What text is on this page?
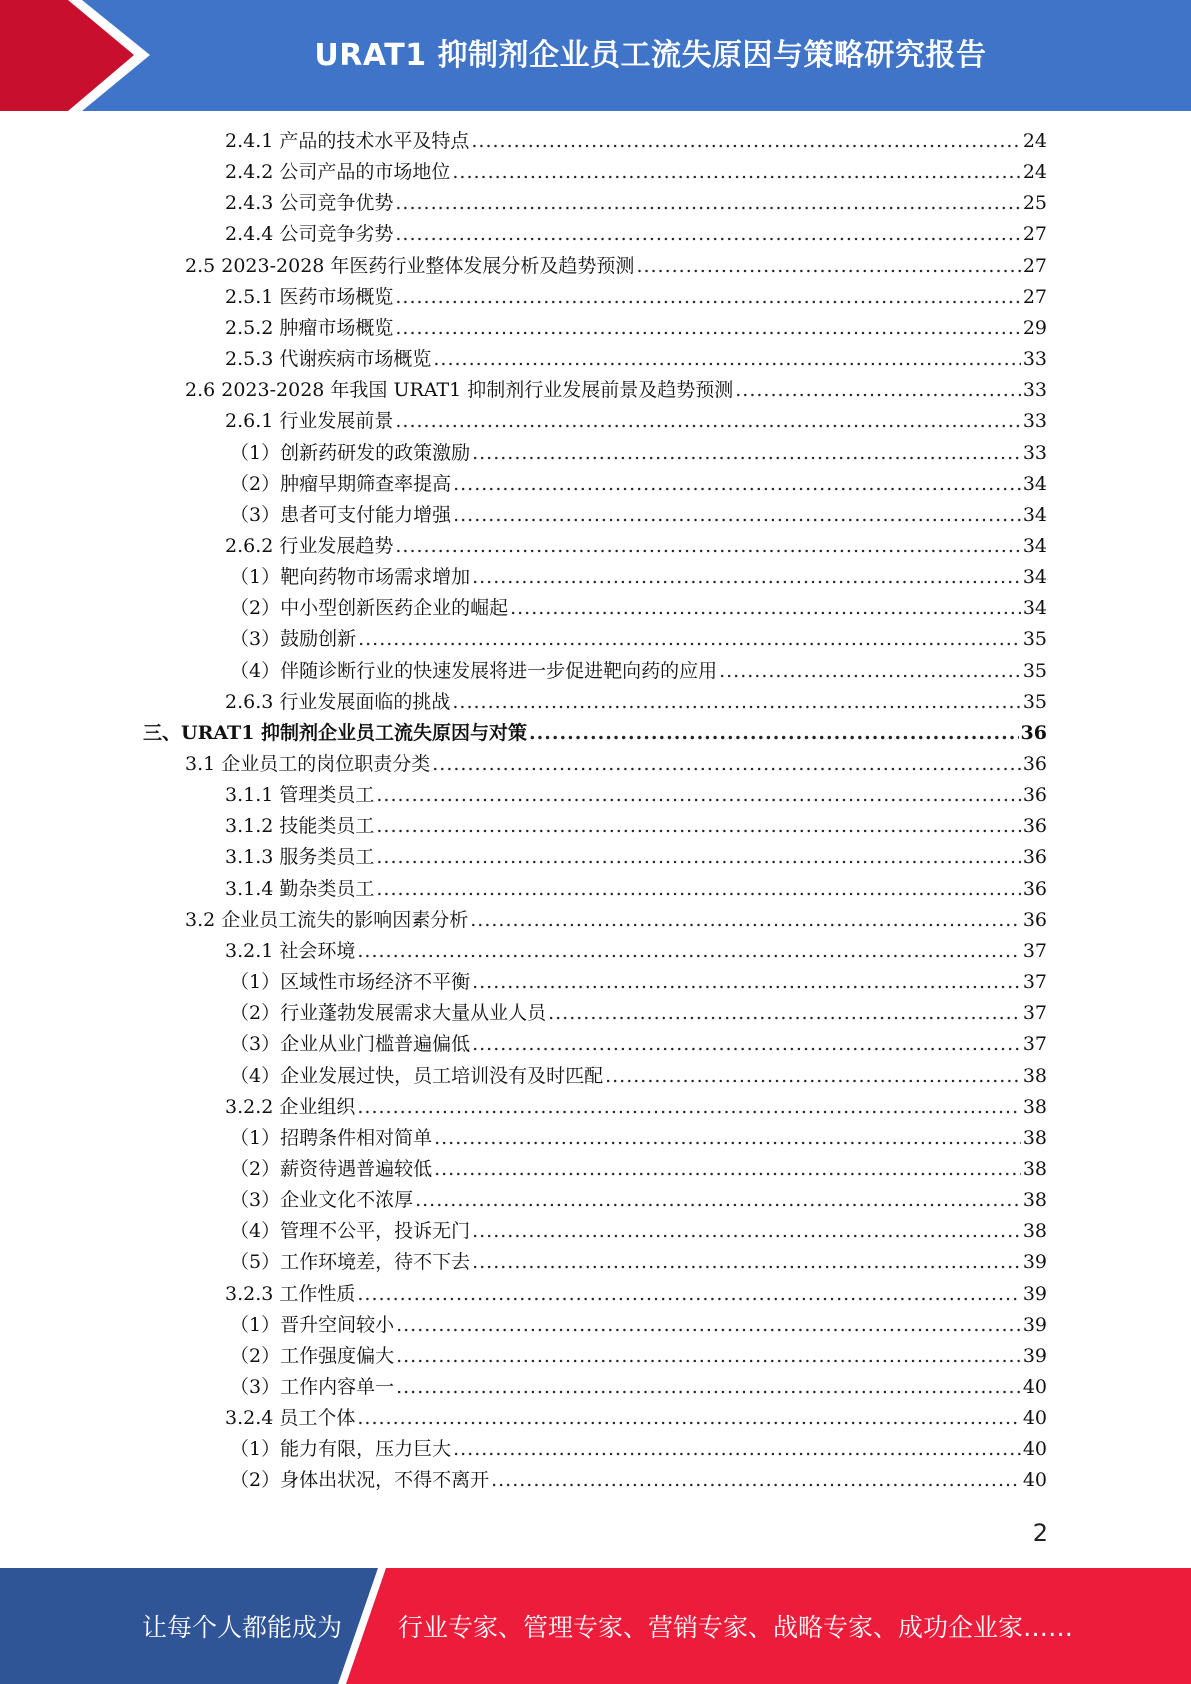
URAT1 抑制剂企业员工流失原因与策略研究报告
2.4.1 产品的技术水平及特点 .....	24
2.4.2 公司产品的市场地位 .....	24
2.4.3 公司竞争优势 .....	25
2.4.4 公司竞争劣势 .....	27
2.5 2023-2028 年医药行业整体发展分析及趋势预测 .....	27
2.5.1 医药市场概览 .....	27
2.5.2 肿瘤市场概览 .....	29
2.5.3 代谢疾病市场概览 .....	33
2.6 2023-2028 年我国 URAT1 抑制剂行业发展前景及趋势预测 .....	33
2.6.1 行业发展前景 .....	33
（1）创新药研发的政策激励 .....	33
（2）肿瘤早期筛查率提高 .....	34
（3）患者可支付能力增强 .....	34
2.6.2 行业发展趋势 .....	34
（1）靶向药物市场需求增加 .....	34
（2）中小型创新医药企业的崛起 .....	34
（3）鼓励创新 .....	35
（4）伴随诊断行业的快速发展将进一步促进靶向药的应用 .....	35
2.6.3 行业发展面临的挑战 .....	35
三、URAT1 抑制剂企业员工流失原因与对策 .....	36
3.1 企业员工的岗位职责分类 .....	36
3.1.1 管理类员工 .....	36
3.1.2 技能类员工 .....	36
3.1.3 服务类员工 .....	36
3.1.4 勤杂类员工 .....	36
3.2 企业员工流失的影响因素分析 .....	36
3.2.1 社会环境 .....	37
（1）区域性市场经济不平衡 .....	37
（2）行业蓬勃发展需求大量从业人员 .....	37
（3）企业从业门槛普遍偏低 .....	37
（4）企业发展过快，员工培训没有及时匹配 .....	38
3.2.2 企业组织 .....	38
（1）招聘条件相对简单 .....	38
（2）薪资待遇普遍较低 .....	38
（3）企业文化不浓厚 .....	38
（4）管理不公平，投诉无门 .....	38
（5）工作环境差，待不下去 .....	39
3.2.3 工作性质 .....	39
（1）晋升空间较小 .....	39
（2）工作强度偏大 .....	39
（3）工作内容单一 .....	40
3.2.4 员工个体 .....	40
（1）能力有限，压力巨大 .....	40
（2）身体出状况，不得不离开 .....	40
2
让每个人都能成为 行业专家、管理专家、营销专家、战略专家、成功企业家……
